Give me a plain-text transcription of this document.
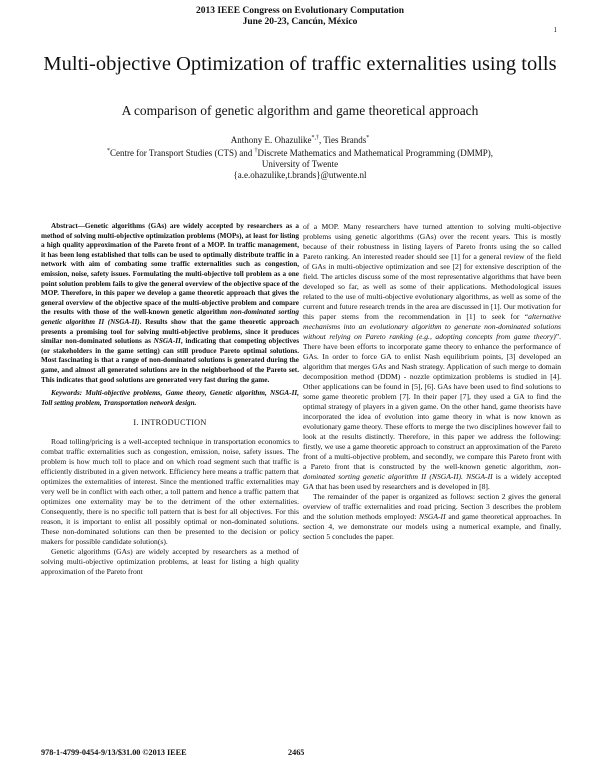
2013 IEEE Congress on Evolutionary Computation
June 20-23, Cancún, México
1
Multi-objective Optimization of traffic externalities using tolls
A comparison of genetic algorithm and game theoretical approach
Anthony E. Ohazulike*,†, Ties Brands*
*Centre for Transport Studies (CTS) and †Discrete Mathematics and Mathematical Programming (DMMP),
University of Twente
{a.e.ohazulike,t.brands}@utwente.nl

Abstract—Genetic algorithms (GAs) are widely accepted by researchers as a method of solving multi-objective optimization problems (MOPs), at least for listing a high quality approximation of the Pareto front of a MOP. In traffic management, it has been long established that tolls can be used to optimally distribute traffic in a network with aim of combating some traffic externalities such as congestion, emission, noise, safety issues. Formulating the multi-objective toll problem as a one point solution problem fails to give the general overview of the objective space of the MOP. Therefore, in this paper we develop a game theoretic approach that gives the general overview of the objective space of the multi-objective problem and compare the results with those of the well-known genetic algorithm non-dominated sorting genetic algorithm II (NSGA-II). Results show that the game theoretic approach presents a promising tool for solving multi-objective problems, since it produces similar non-dominated solutions as NSGA-II, indicating that competing objectives (or stakeholders in the game setting) can still produce Pareto optimal solutions. Most fascinating is that a range of non-dominated solutions is generated during the game, and almost all generated solutions are in the neighborhood of the Pareto set. This indicates that good solutions are generated very fast during the game.

Keywords: Multi-objective problems, Game theory, Genetic algorithm, NSGA-II, Toll setting problem, Transportation network design.

I. INTRODUCTION

Road tolling/pricing is a well-accepted technique in transportation economics to combat traffic externalities such as congestion, emission, noise, safety issues. The problem is how much toll to place and on which road segment such that traffic is efficiently distributed in a given network. Efficiency here means a traffic pattern that optimizes the externalities of interest. Since the mentioned traffic externalities may very well be in conflict with each other, a toll pattern and hence a traffic pattern that optimizes one externality may be to the detriment of the other externalities. Consequently, there is no specific toll pattern that is best for all objectives. For this reason, it is important to enlist all possibly optimal or non-dominated solutions. These non-dominated solutions can then be presented to the decision or policy makers for possible candidate solution(s).

Genetic algorithms (GAs) are widely accepted by researchers as a method of solving multi-objective optimization problems, at least for listing a high quality approximation of the Pareto front

of a MOP. Many researchers have turned attention to solving multi-objective problems using genetic algorithms (GAs) over the recent years. This is mostly because of their robustness in listing layers of Pareto fronts using the so called Pareto ranking. An interested reader should see [1] for a general review of the field of GAs in multi-objective optimization and see [2] for extensive description of the field. The articles discuss some of the most representative algorithms that have been developed so far, as well as some of their applications. Methodological issues related to the use of multi-objective evolutionary algorithms, as well as some of the current and future research trends in the area are discussed in [1]. Our motivation for this paper stems from the recommendation in [1] to seek for “alternative mechanisms into an evolutionary algorithm to generate non-dominated solutions without relying on Pareto ranking (e.g., adopting concepts from game theory)”. There have been efforts to incorporate game theory to enhance the performance of GAs. In order to force GA to enlist Nash equilibrium points, [3] developed an algorithm that merges GAs and Nash strategy. Application of such merge to domain decomposition method (DDM) - nozzle optimization problems is studied in [4]. Other applications can be found in [5], [6]. GAs have been used to find solutions to some game theoretic problem [7]. In their paper [7], they used a GA to find the optimal strategy of players in a given game. On the other hand, game theorists have incorporated the idea of evolution into game theory in what is now known as evolutionary game theory. These efforts to merge the two disciplines however fail to look at the results distinctly. Therefore, in this paper we address the following: firstly, we use a game theoretic approach to construct an approximation of the Pareto front of a multi-objective problem, and secondly, we compare this Pareto front with a Pareto front that is constructed by the well-known genetic algorithm, non-dominated sorting genetic algorithm II (NSGA-II). NSGA-II is a widely accepted GA that has been used by researchers and is developed in [8].

The remainder of the paper is organized as follows: section 2 gives the general overview of traffic externalities and road pricing. Section 3 describes the problem and the solution methods employed: NSGA-II and game theoretical approaches. In section 4, we demonstrate our models using a numerical example, and finally, section 5 concludes the paper.

978-1-4799-0454-9/13/$31.00 ©2013 IEEE	2465
